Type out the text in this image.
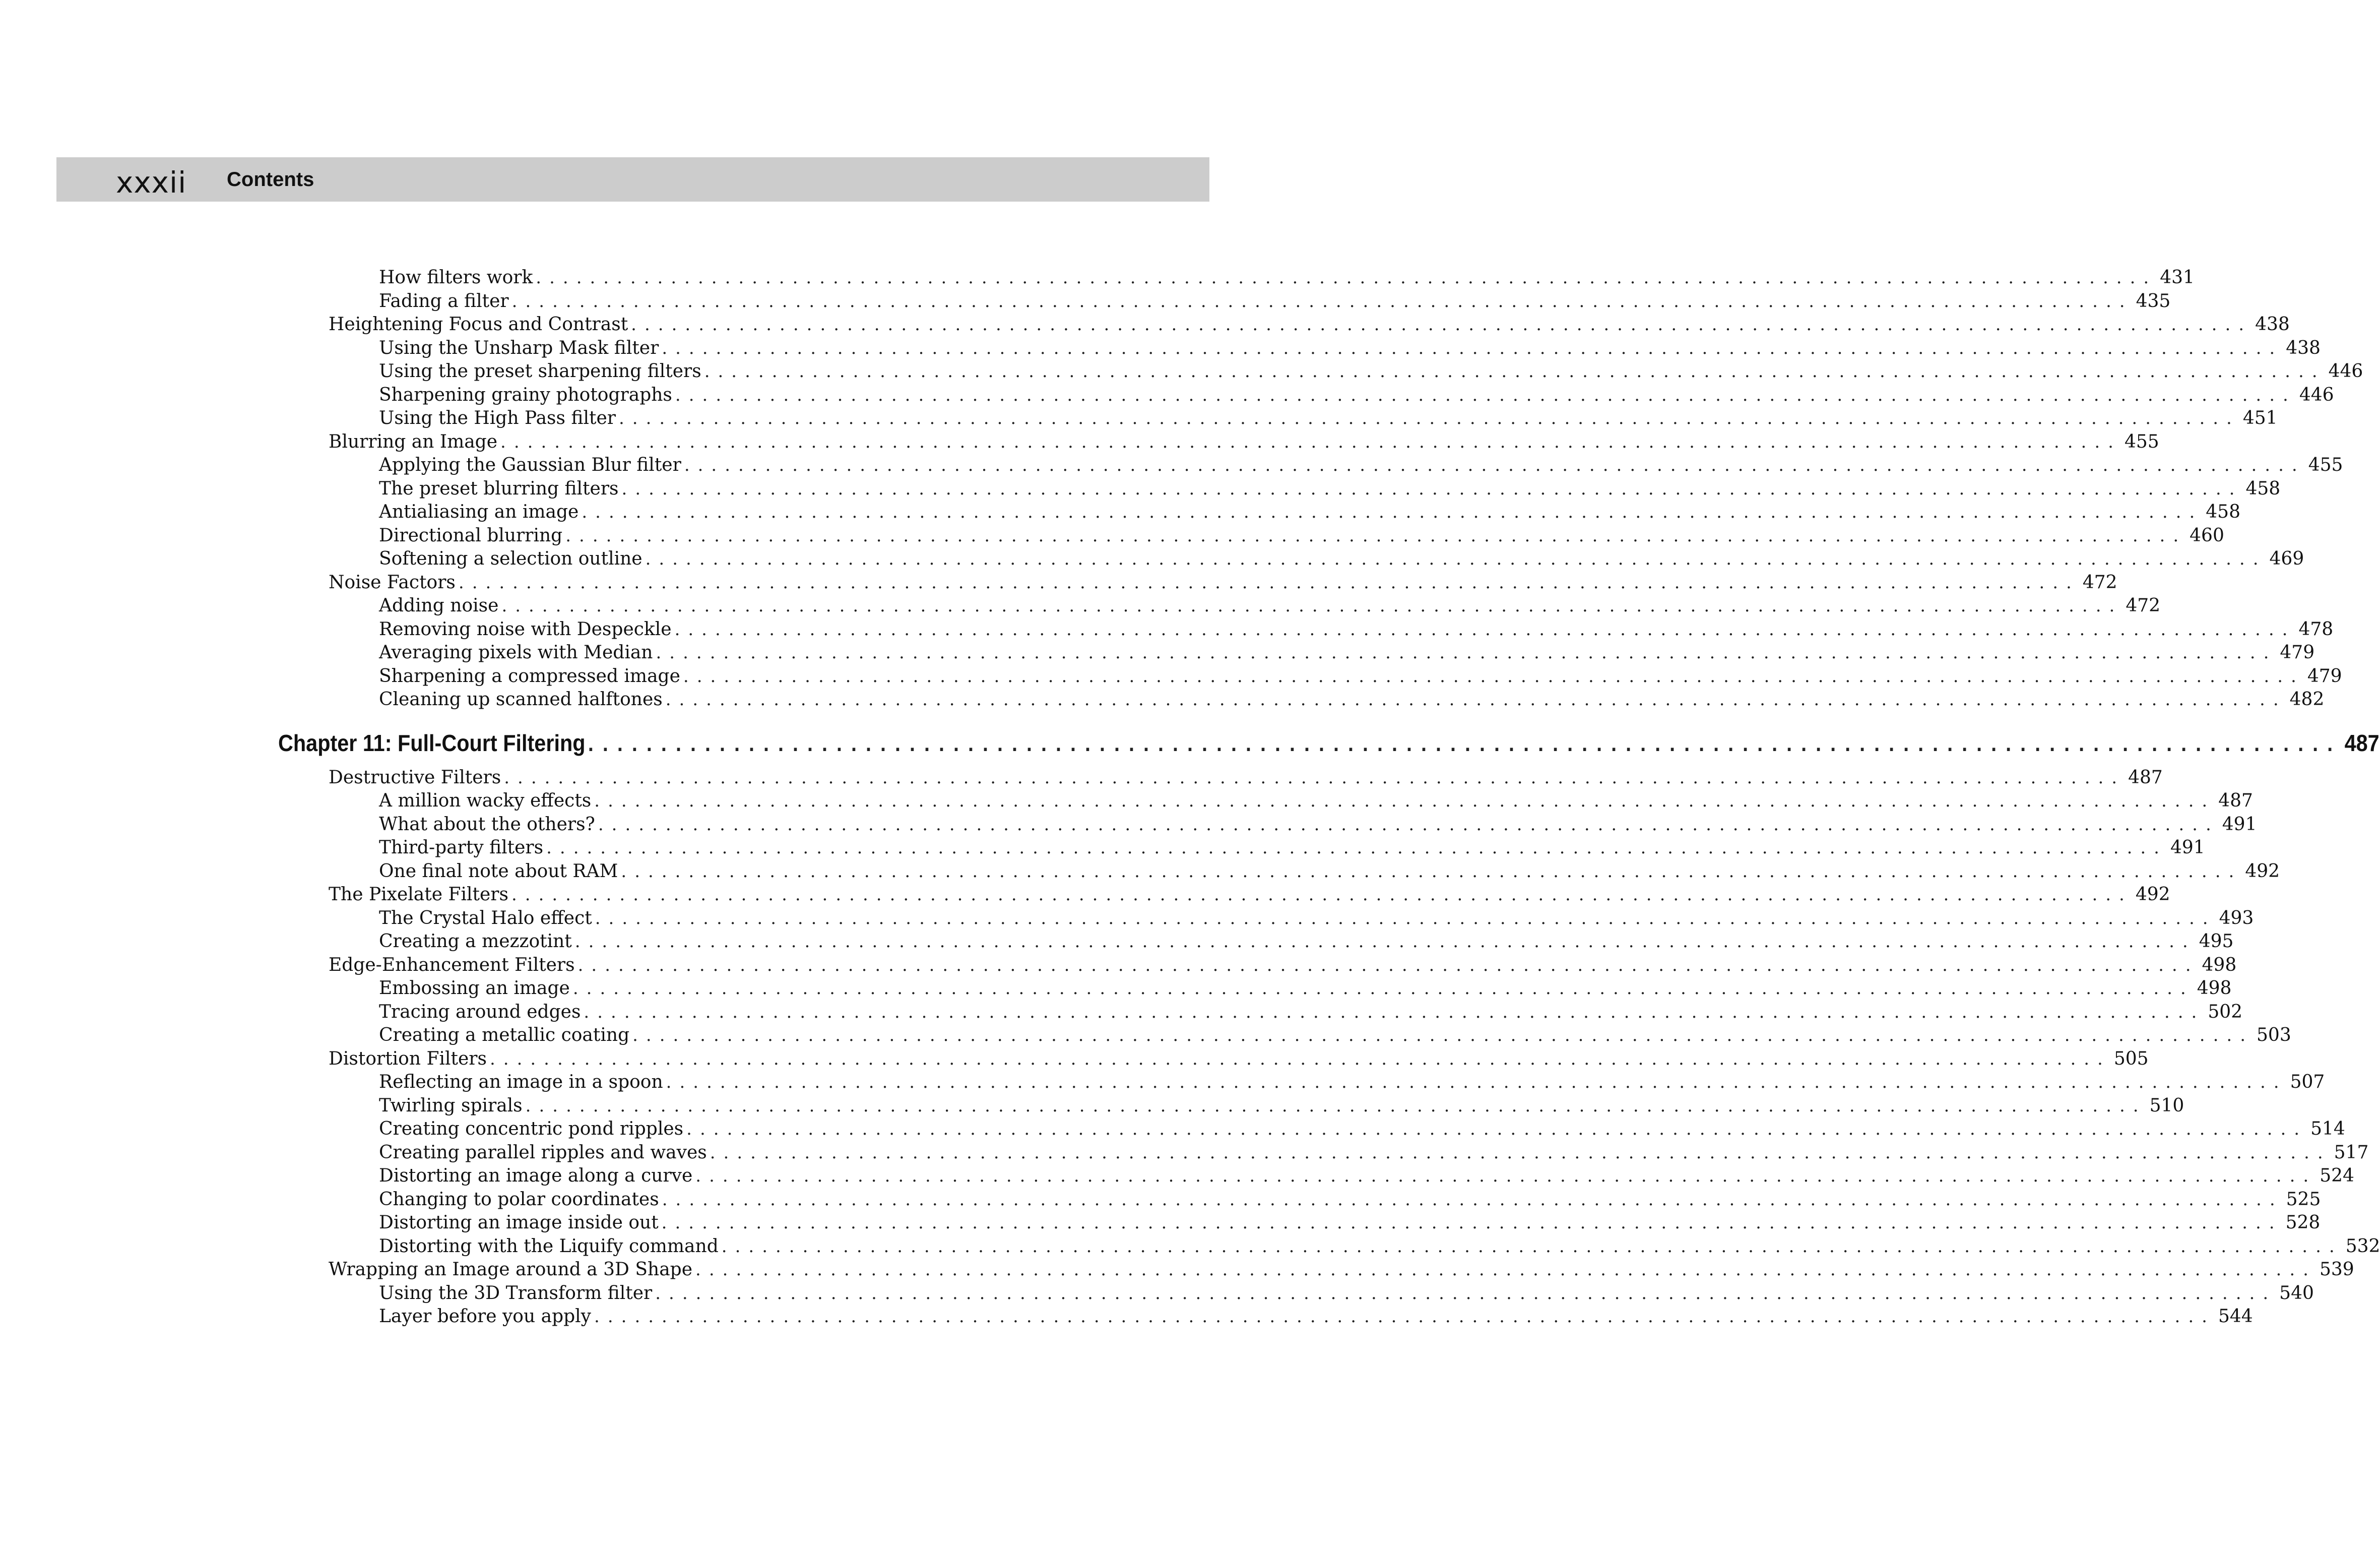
xxxii Contents
How filters work ........................................................................................................................ 431
Fading a filter ........................................................................................................................ 435
Heightening Focus and Contrast ........................................................................................................................ 438
Using the Unsharp Mask filter ........................................................................................................................ 438
Using the preset sharpening filters ........................................................................................................................ 446
Sharpening grainy photographs ........................................................................................................................ 446
Using the High Pass filter ........................................................................................................................ 451
Blurring an Image ........................................................................................................................ 455
Applying the Gaussian Blur filter ........................................................................................................................ 455
The preset blurring filters ........................................................................................................................ 458
Antialiasing an image ........................................................................................................................ 458
Directional blurring ........................................................................................................................ 460
Softening a selection outline ........................................................................................................................ 469
Noise Factors ........................................................................................................................ 472
Adding noise ........................................................................................................................ 472
Removing noise with Despeckle ........................................................................................................................ 478
Averaging pixels with Median ........................................................................................................................ 479
Sharpening a compressed image ........................................................................................................................ 479
Cleaning up scanned halftones ........................................................................................................................ 482
Chapter 11: Full-Court Filtering ........................................................................................................................ 487
Destructive Filters ........................................................................................................................ 487
A million wacky effects ........................................................................................................................ 487
What about the others? ........................................................................................................................ 491
Third-party filters ........................................................................................................................ 491
One final note about RAM ........................................................................................................................ 492
The Pixelate Filters ........................................................................................................................ 492
The Crystal Halo effect ........................................................................................................................ 493
Creating a mezzotint ........................................................................................................................ 495
Edge-Enhancement Filters ........................................................................................................................ 498
Embossing an image ........................................................................................................................ 498
Tracing around edges ........................................................................................................................ 502
Creating a metallic coating ........................................................................................................................ 503
Distortion Filters ........................................................................................................................ 505
Reflecting an image in a spoon ........................................................................................................................ 507
Twirling spirals ........................................................................................................................ 510
Creating concentric pond ripples ........................................................................................................................ 514
Creating parallel ripples and waves ........................................................................................................................ 517
Distorting an image along a curve ........................................................................................................................ 524
Changing to polar coordinates ........................................................................................................................ 525
Distorting an image inside out ........................................................................................................................ 528
Distorting with the Liquify command ........................................................................................................................ 532
Wrapping an Image around a 3D Shape ........................................................................................................................ 539
Using the 3D Transform filter ........................................................................................................................ 540
Layer before you apply ........................................................................................................................ 544
